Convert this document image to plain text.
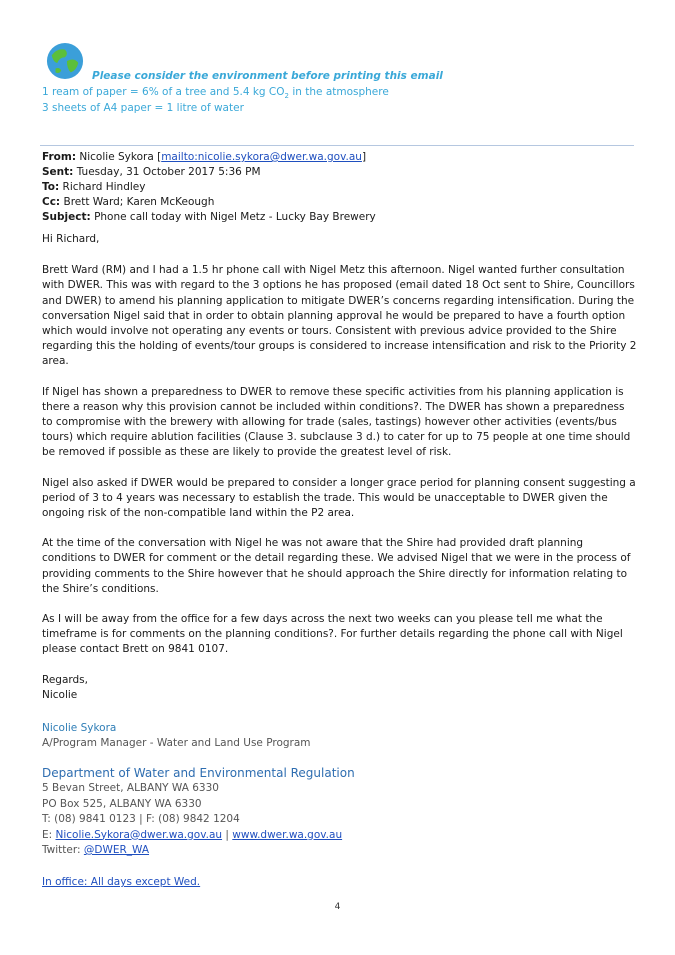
Please consider the environment before printing this email
1 ream of paper = 6% of a tree and 5.4 kg $CO_2$ in the atmosphere
3 sheets of A4 paper = 1 litre of water
From: Nicolie Sykora [mailto:nicolie.sykora@dwer.wa.gov.au]
Sent: Tuesday, 31 October 2017 5:36 PM
To: Richard Hindley
Cc: Brett Ward; Karen McKeough
Subject: Phone call today with Nigel Metz - Lucky Bay Brewery

Hi Richard,

Brett Ward (RM) and I had a 1.5 hr phone call with Nigel Metz this afternoon. Nigel wanted further consultation with DWER. This was with regard to the 3 options he has proposed (email dated 18 Oct sent to Shire, Councillors and DWER) to amend his planning application to mitigate DWER’s concerns regarding intensification. During the conversation Nigel said that in order to obtain planning approval he would be prepared to have a fourth option which would involve not operating any events or tours. Consistent with previous advice provided to the Shire regarding this the holding of events/tour groups is considered to increase intensification and risk to the Priority 2 area.

If Nigel has shown a preparedness to DWER to remove these specific activities from his planning application is there a reason why this provision cannot be included within conditions?. The DWER has shown a preparedness to compromise with the brewery with allowing for trade (sales, tastings) however other activities (events/bus tours) which require ablution facilities (Clause 3. subclause 3 d.) to cater for up to 75 people at one time should be removed if possible as these are likely to provide the greatest level of risk.

Nigel also asked if DWER would be prepared to consider a longer grace period for planning consent suggesting a period of 3 to 4 years was necessary to establish the trade. This would be unacceptable to DWER given the ongoing risk of the non-compatible land within the P2 area.

At the time of the conversation with Nigel he was not aware that the Shire had provided draft planning conditions to DWER for comment or the detail regarding these. We advised Nigel that we were in the process of providing comments to the Shire however that he should approach the Shire directly for information relating to the Shire’s conditions.

As I will be away from the office for a few days across the next two weeks can you please tell me what the timeframe is for comments on the planning conditions?. For further details regarding the phone call with Nigel please contact Brett on 9841 0107.

Regards,
Nicolie
Nicolie Sykora
A/Program Manager - Water and Land Use Program
Department of Water and Environmental Regulation
5 Bevan Street, ALBANY WA 6330
PO Box 525, ALBANY WA 6330
T: (08) 9841 0123 | F: (08) 9842 1204
E: Nicolie.Sykora@dwer.wa.gov.au | www.dwer.wa.gov.au
Twitter: @DWER_WA
In office: All days except Wed.
4
